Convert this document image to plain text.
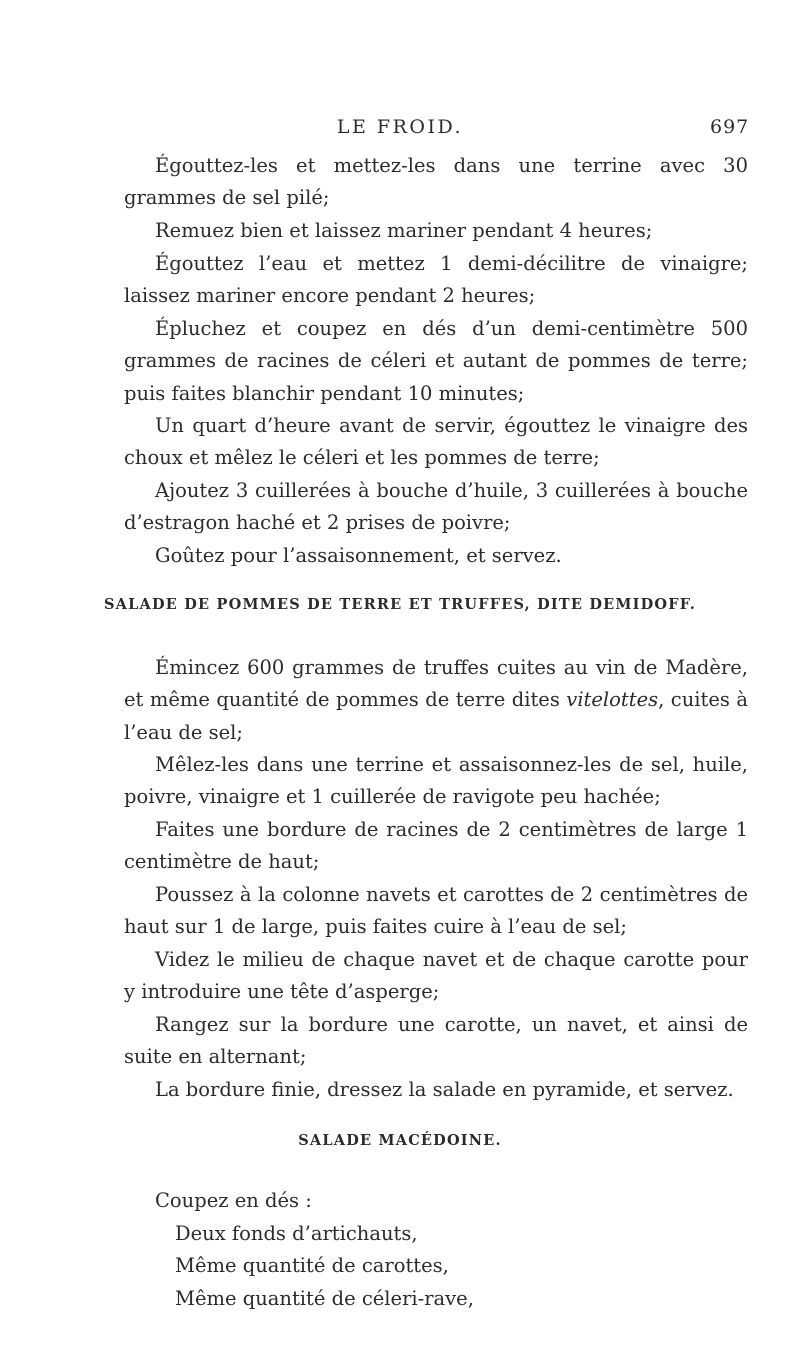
LE FROID.	697

Égouttez-les et mettez-les dans une terrine avec 30 grammes de sel pilé;

Remuez bien et laissez mariner pendant 4 heures;

Égouttez l’eau et mettez 1 demi-décilitre de vinaigre; laissez mariner encore pendant 2 heures;

Épluchez et coupez en dés d’un demi-centimètre 500 grammes de racines de céleri et autant de pommes de terre; puis faites blanchir pendant 10 minutes;

Un quart d’heure avant de servir, égouttez le vinaigre des choux et mêlez le céleri et les pommes de terre;

Ajoutez 3 cuillerées à bouche d’huile, 3 cuillerées à bouche d’estragon haché et 2 prises de poivre;

Goûtez pour l’assaisonnement, et servez.

SALADE DE POMMES DE TERRE ET TRUFFES, DITE DEMIDOFF.

Émincez 600 grammes de truffes cuites au vin de Madère, et même quantité de pommes de terre dites vitelottes, cuites à l’eau de sel;

Mêlez-les dans une terrine et assaisonnez-les de sel, huile, poivre, vinaigre et 1 cuillerée de ravigote peu hachée;

Faites une bordure de racines de 2 centimètres de large 1 centimètre de haut;

Poussez à la colonne navets et carottes de 2 centimètres de haut sur 1 de large, puis faites cuire à l’eau de sel;

Videz le milieu de chaque navet et de chaque carotte pour y introduire une tête d’asperge;

Rangez sur la bordure une carotte, un navet, et ainsi de suite en alternant;

La bordure finie, dressez la salade en pyramide, et servez.

SALADE MACÉDOINE.

Coupez en dés :

Deux fonds d’artichauts,
Même quantité de carottes,
Même quantité de céleri-rave,
